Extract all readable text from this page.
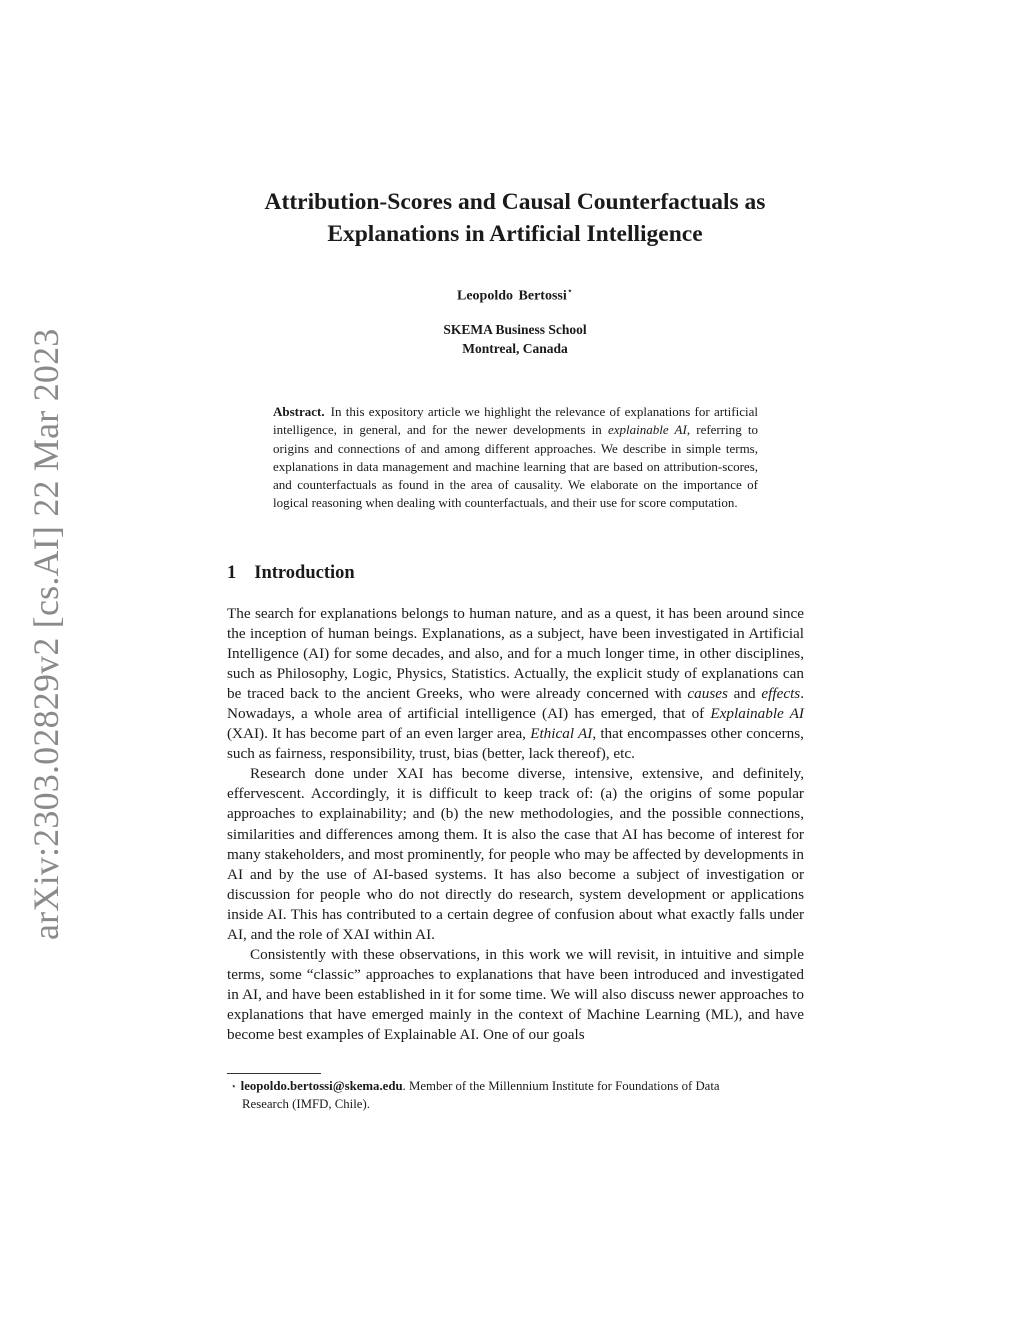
arXiv:2303.02829v2 [cs.AI] 22 Mar 2023
Attribution-Scores and Causal Counterfactuals as
Explanations in Artificial Intelligence
Leopoldo Bertossi⋆
SKEMA Business School
Montreal, Canada
Abstract. In this expository article we highlight the relevance of explanations for artificial intelligence, in general, and for the newer developments in explainable AI, referring to origins and connections of and among different approaches. We describe in simple terms, explanations in data management and machine learning that are based on attribution-scores, and counterfactuals as found in the area of causality. We elaborate on the importance of logical reasoning when dealing with counterfactuals, and their use for score computation.
1 Introduction

The search for explanations belongs to human nature, and as a quest, it has been around since the inception of human beings. Explanations, as a subject, have been investigated in Artificial Intelligence (AI) for some decades, and also, and for a much longer time, in other disciplines, such as Philosophy, Logic, Physics, Statistics. Actually, the explicit study of explanations can be traced back to the ancient Greeks, who were already concerned with causes and effects. Nowadays, a whole area of artificial intelligence (AI) has emerged, that of Explainable AI (XAI). It has become part of an even larger area, Ethical AI, that encompasses other concerns, such as fairness, responsibility, trust, bias (better, lack thereof), etc.

Research done under XAI has become diverse, intensive, extensive, and definitely, effervescent. Accordingly, it is difficult to keep track of: (a) the origins of some popular approaches to explainability; and (b) the new methodologies, and the possible connections, similarities and differences among them. It is also the case that AI has become of interest for many stakeholders, and most prominently, for people who may be affected by developments in AI and by the use of AI-based systems. It has also become a subject of investigation or discussion for people who do not directly do research, system development or applications inside AI. This has contributed to a certain degree of confusion about what exactly falls under AI, and the role of XAI within AI.

Consistently with these observations, in this work we will revisit, in intuitive and simple terms, some “classic” approaches to explanations that have been introduced and investigated in AI, and have been established in it for some time. We will also discuss newer approaches to explanations that have emerged mainly in the context of Machine Learning (ML), and have become best examples of Explainable AI. One of our goals

⋆ leopoldo.bertossi@skema.edu. Member of the Millennium Institute for Foundations of Data
Research (IMFD, Chile).
